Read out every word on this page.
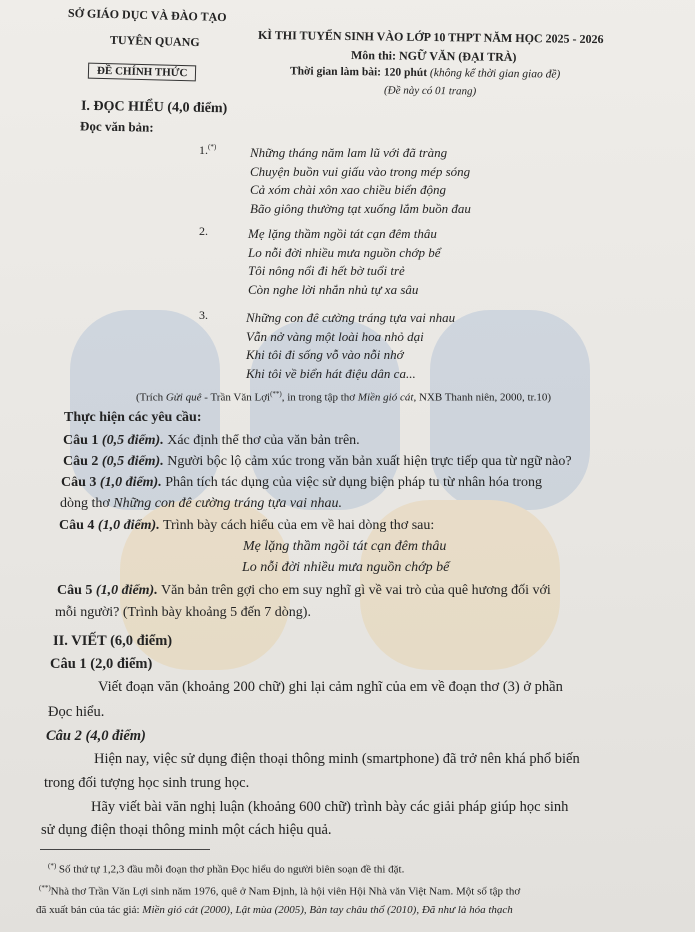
SỞ GIÁO DỤC VÀ ĐÀO TẠO
TUYÊN QUANG
ĐỀ CHÍNH THỨC
KÌ THI TUYỂN SINH VÀO LỚP 10 THPT NĂM HỌC 2025 - 2026
Môn thi: NGỮ VĂN (ĐẠI TRÀ)
Thời gian làm bài: 120 phút (không kể thời gian giao đề)
(Đề này có 01 trang)
I. ĐỌC HIỂU (4,0 điểm)
Đọc văn bản:
1.(*)	Những tháng năm lam lũ với đã tràng
Chuyện buồn vui giấu vào trong mép sóng
Cả xóm chài xôn xao chiều biển động
Bão giông thường tạt xuống lắm buồn đau
2.	Mẹ lặng thầm ngồi tát cạn đêm thâu
Lo nỗi đời nhiều mưa nguồn chớp bể
Tôi nông nổi đi hết bờ tuổi trẻ
Còn nghe lời nhắn nhủ tự xa sâu
3.	Những con đê cường tráng tựa vai nhau
Vẫn nở vàng một loài hoa nhỏ dại
Khi tôi đi sống vỗ vào nỗi nhớ
Khi tôi về biển hát điệu dân ca...
(Trích Gửi quê - Trần Văn Lợi(**), in trong tập thơ Miền gió cát, NXB Thanh niên, 2000, tr.10)
Thực hiện các yêu cầu:
Câu 1 (0,5 điểm). Xác định thể thơ của văn bản trên.
Câu 2 (0,5 điểm). Người bộc lộ cảm xúc trong văn bản xuất hiện trực tiếp qua từ ngữ nào?
Câu 3 (1,0 điểm). Phân tích tác dụng của việc sử dụng biện pháp tu từ nhân hóa trong
dòng thơ Những con đê cường tráng tựa vai nhau.
Câu 4 (1,0 điểm). Trình bày cách hiểu của em về hai dòng thơ sau:
Mẹ lặng thầm ngồi tát cạn đêm thâu
Lo nỗi đời nhiều mưa nguồn chớp bể
Câu 5 (1,0 điểm). Văn bản trên gợi cho em suy nghĩ gì về vai trò của quê hương đối với
mỗi người? (Trình bày khoảng 5 đến 7 dòng).
II. VIẾT (6,0 điểm)
Câu 1 (2,0 điểm)
Viết đoạn văn (khoảng 200 chữ) ghi lại cảm nghĩ của em về đoạn thơ (3) ở phần
Đọc hiểu.
Câu 2 (4,0 điểm)
Hiện nay, việc sử dụng điện thoại thông minh (smartphone) đã trở nên khá phổ biến
trong đối tượng học sinh trung học.
Hãy viết bài văn nghị luận (khoảng 600 chữ) trình bày các giải pháp giúp học sinh
sử dụng điện thoại thông minh một cách hiệu quả.
(*) Số thứ tự 1,2,3 đầu mỗi đoạn thơ phần Đọc hiểu do người biên soạn đề thi đặt.
(**)Nhà thơ Trần Văn Lợi sinh năm 1976, quê ở Nam Định, là hội viên Hội Nhà văn Việt Nam. Một số tập thơ
đã xuất bản của tác giả: Miền gió cát (2000), Lật mùa (2005), Bàn tay châu thổ (2010), Đã như là hóa thạch
